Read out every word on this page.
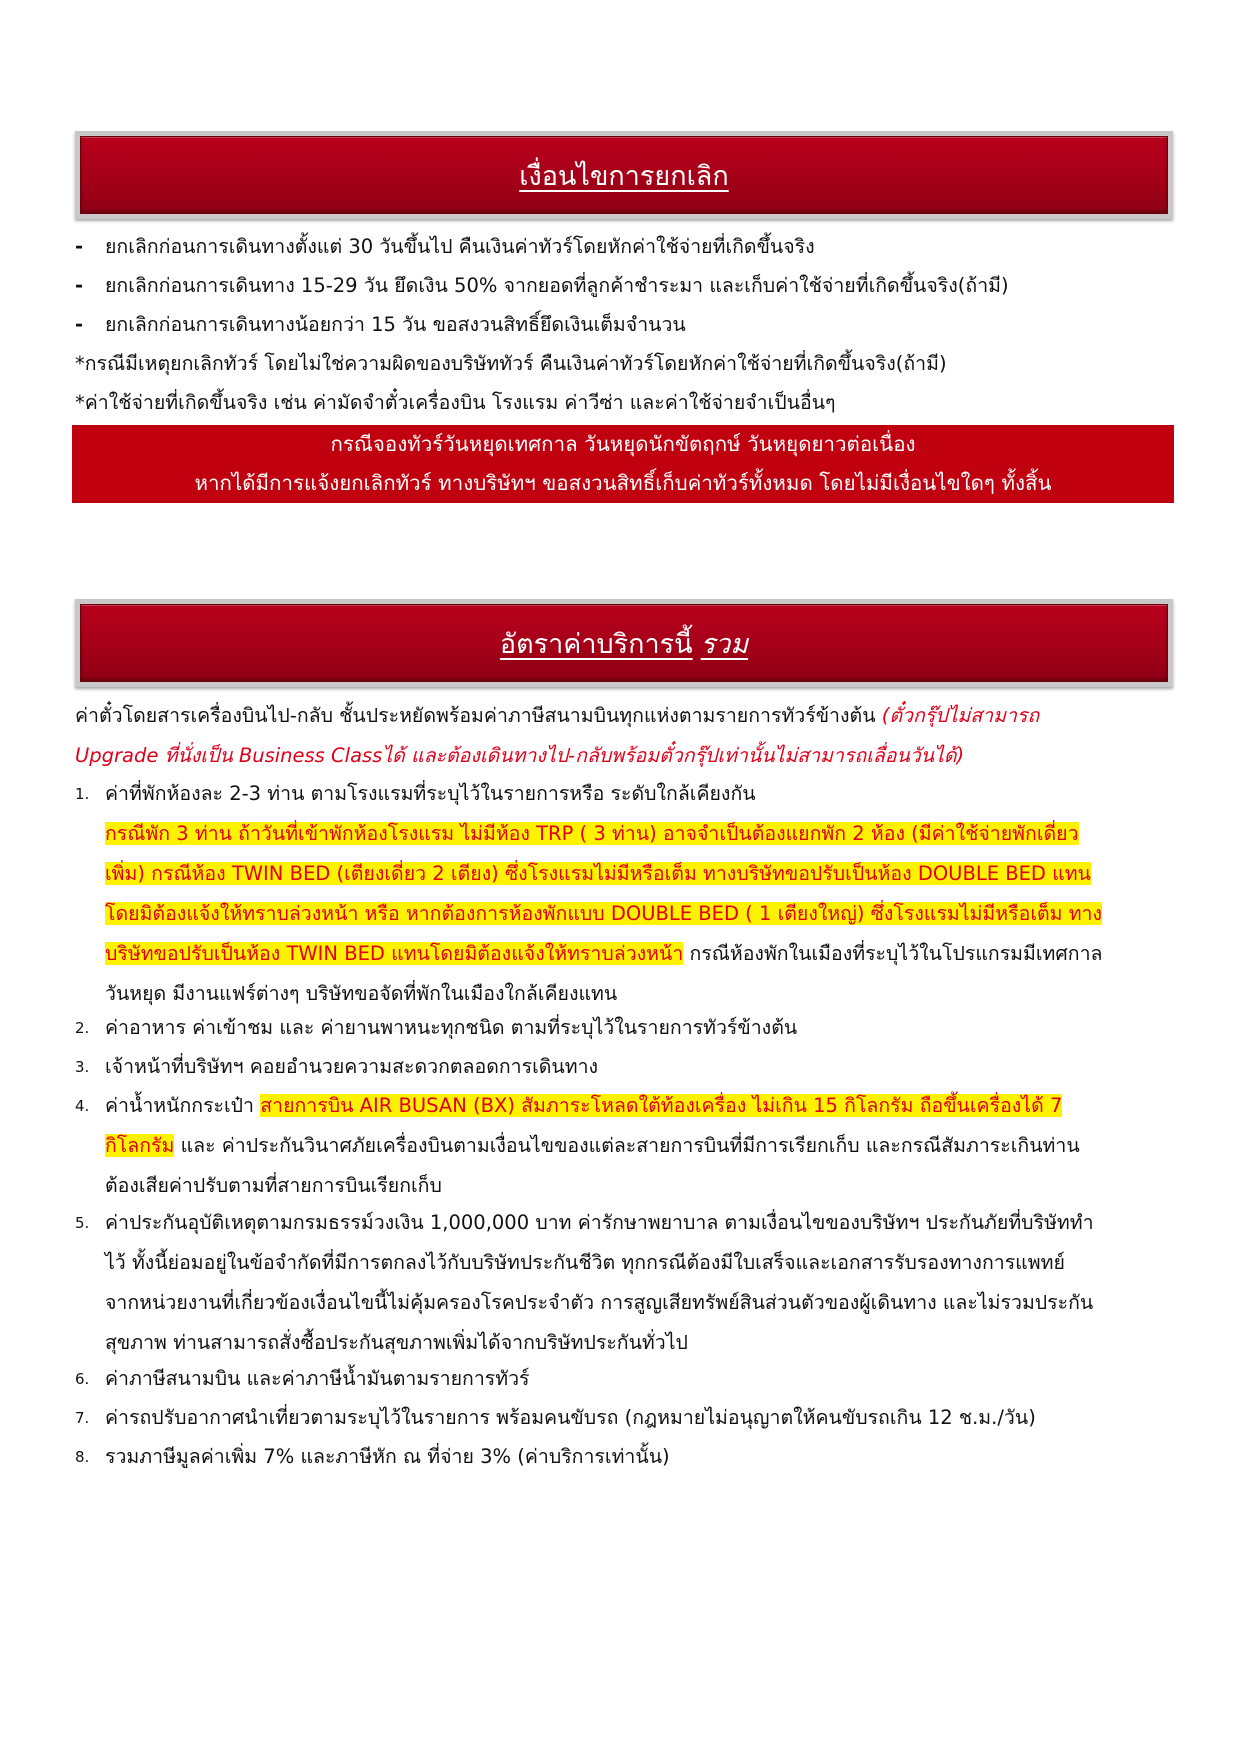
เงื่อนไขการยกเลิก
- ยกเลิกก่อนการเดินทางตั้งแต่ 30 วันขึ้นไป คืนเงินค่าทัวร์โดยหักค่าใช้จ่ายที่เกิดขึ้นจริง
- ยกเลิกก่อนการเดินทาง 15-29 วัน ยึดเงิน 50% จากยอดที่ลูกค้าชำระมา และเก็บค่าใช้จ่ายที่เกิดขึ้นจริง(ถ้ามี)
- ยกเลิกก่อนการเดินทางน้อยกว่า 15 วัน ขอสงวนสิทธิ์ยึดเงินเต็มจำนวน
*กรณีมีเหตุยกเลิกทัวร์ โดยไม่ใช่ความผิดของบริษัททัวร์ คืนเงินค่าทัวร์โดยหักค่าใช้จ่ายที่เกิดขึ้นจริง(ถ้ามี)
*ค่าใช้จ่ายที่เกิดขึ้นจริง เช่น ค่ามัดจำตั๋วเครื่องบิน โรงแรม ค่าวีซ่า และค่าใช้จ่ายจำเป็นอื่นๆ
กรณีจองทัวร์วันหยุดเทศกาล วันหยุดนักขัตฤกษ์ วันหยุดยาวต่อเนื่อง
หากได้มีการแจ้งยกเลิกทัวร์ ทางบริษัทฯ ขอสงวนสิทธิ์เก็บค่าทัวร์ทั้งหมด โดยไม่มีเงื่อนไขใดๆ ทั้งสิ้น
อัตราค่าบริการนี้ รวม
ค่าตั๋วโดยสารเครื่องบินไป-กลับ ชั้นประหยัดพร้อมค่าภาษีสนามบินทุกแห่งตามรายการทัวร์ข้างต้น (ตั๋วกรุ๊ปไม่สามารถ
Upgrade ที่นั่งเป็น Business Classได้ และต้องเดินทางไป-กลับพร้อมตั๋วกรุ๊ปเท่านั้นไม่สามารถเลื่อนวันได้)
1. ค่าที่พักห้องละ 2-3 ท่าน ตามโรงแรมที่ระบุไว้ในรายการหรือ ระดับใกล้เคียงกัน
กรณีพัก 3 ท่าน ถ้าวันที่เข้าพักห้องโรงแรม ไม่มีห้อง TRP ( 3 ท่าน) อาจจำเป็นต้องแยกพัก 2 ห้อง (มีค่าใช้จ่ายพักเดี่ยว
เพิ่ม) กรณีห้อง TWIN BED (เตียงเดี่ยว 2 เตียง) ซึ่งโรงแรมไม่มีหรือเต็ม ทางบริษัทขอปรับเป็นห้อง DOUBLE BED แทน
โดยมิต้องแจ้งให้ทราบล่วงหน้า หรือ หากต้องการห้องพักแบบ DOUBLE BED ( 1 เตียงใหญ่) ซึ่งโรงแรมไม่มีหรือเต็ม ทาง
บริษัทขอปรับเป็นห้อง TWIN BED แทนโดยมิต้องแจ้งให้ทราบล่วงหน้า กรณีห้องพักในเมืองที่ระบุไว้ในโปรแกรมมีเทศกาล
วันหยุด มีงานแฟร์ต่างๆ บริษัทขอจัดที่พักในเมืองใกล้เคียงแทน
2. ค่าอาหาร ค่าเข้าชม และ ค่ายานพาหนะทุกชนิด ตามที่ระบุไว้ในรายการทัวร์ข้างต้น
3. เจ้าหน้าที่บริษัทฯ คอยอำนวยความสะดวกตลอดการเดินทาง
4. ค่าน้ำหนักกระเป๋า สายการบิน AIR BUSAN (BX) สัมภาระโหลดใต้ท้องเครื่อง ไม่เกิน 15 กิโลกรัม ถือขึ้นเครื่องได้ 7
กิโลกรัม และ ค่าประกันวินาศภัยเครื่องบินตามเงื่อนไขของแต่ละสายการบินที่มีการเรียกเก็บ และกรณีสัมภาระเกินท่าน
ต้องเสียค่าปรับตามที่สายการบินเรียกเก็บ
5. ค่าประกันอุบัติเหตุตามกรมธรรม์วงเงิน 1,000,000 บาท ค่ารักษาพยาบาล ตามเงื่อนไขของบริษัทฯ ประกันภัยที่บริษัททำ
ไว้ ทั้งนี้ย่อมอยู่ในข้อจำกัดที่มีการตกลงไว้กับบริษัทประกันชีวิต ทุกกรณีต้องมีใบเสร็จและเอกสารรับรองทางการแพทย์
จากหน่วยงานที่เกี่ยวข้องเงื่อนไขนี้ไม่คุ้มครองโรคประจำตัว การสูญเสียทรัพย์สินส่วนตัวของผู้เดินทาง และไม่รวมประกัน
สุขภาพ ท่านสามารถสั่งซื้อประกันสุขภาพเพิ่มได้จากบริษัทประกันทั่วไป
6. ค่าภาษีสนามบิน และค่าภาษีน้ำมันตามรายการทัวร์
7. ค่ารถปรับอากาศนำเที่ยวตามระบุไว้ในรายการ พร้อมคนขับรถ (กฎหมายไม่อนุญาตให้คนขับรถเกิน 12 ช.ม./วัน)
8. รวมภาษีมูลค่าเพิ่ม 7% และภาษีหัก ณ ที่จ่าย 3% (ค่าบริการเท่านั้น)
